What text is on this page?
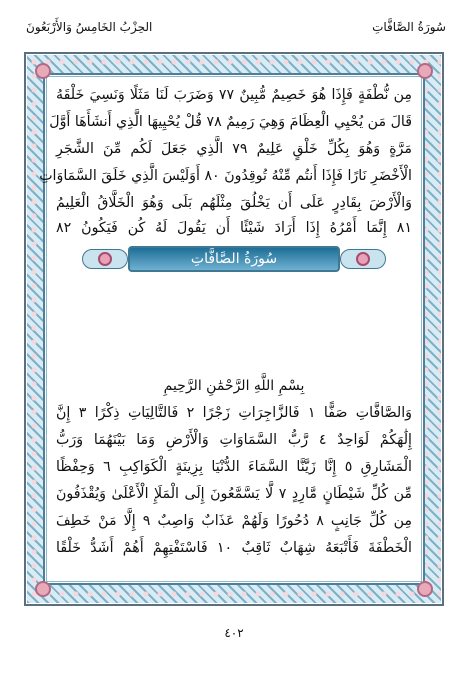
سُورَةُ الصَّافَّاتِ
الحِزْبُ الخَامِسُ وَالأَرْبَعُونَ
مِن نُّطْفَةٍ فَإِذَا هُوَ خَصِيمٌ مُّبِينٌ ٧٧ وَضَرَبَ لَنَا مَثَلًا وَنَسِيَ خَلْقَهُ
قَالَ مَن يُحْيِي الْعِظَامَ وَهِيَ رَمِيمٌ ٧٨ قُلْ يُحْيِيهَا الَّذِي أَنشَأَهَا أَوَّلَ
مَرَّةٍ وَهُوَ بِكُلِّ خَلْقٍ عَلِيمٌ ٧٩ الَّذِي جَعَلَ لَكُم مِّنَ الشَّجَرِ
الْأَخْضَرِ نَارًا فَإِذَا أَنتُم مِّنْهُ تُوقِدُونَ ٨٠ أَوَلَيْسَ الَّذِي خَلَقَ السَّمَاوَاتِ
وَالْأَرْضَ بِقَادِرٍ عَلَى أَن يَخْلُقَ مِثْلَهُم بَلَى وَهُوَ الْخَلَّاقُ الْعَلِيمُ
٨١ إِنَّمَا أَمْرُهُ إِذَا أَرَادَ شَيْئًا أَن يَقُولَ لَهُ كُن فَيَكُونُ ٨٢
سُورَةُ الصَّافَّاتِ
بِسْمِ اللَّهِ الرَّحْمَٰنِ الرَّحِيمِ
وَالصَّافَّاتِ صَفًّا ١ فَالزَّاجِرَاتِ زَجْرًا ٢ فَالتَّالِيَاتِ ذِكْرًا ٣ إِنَّ
إِلَٰهَكُمْ لَوَاحِدٌ ٤ رَّبُّ السَّمَاوَاتِ وَالْأَرْضِ وَمَا بَيْنَهُمَا وَرَبُّ
الْمَشَارِقِ ٥ إِنَّا زَيَّنَّا السَّمَاءَ الدُّنْيَا بِزِينَةٍ الْكَوَاكِبِ ٦ وَحِفْظًا
مِّن كُلِّ شَيْطَانٍ مَّارِدٍ ٧ لَّا يَسَّمَّعُونَ إِلَى الْمَلَإِ الْأَعْلَىٰ وَيُقْذَفُونَ
مِن كُلِّ جَانِبٍ ٨ دُحُورًا وَلَهُمْ عَذَابٌ وَاصِبٌ ٩ إِلَّا مَنْ خَطِفَ
الْخَطْفَةَ فَأَتْبَعَهُ شِهَابٌ ثَاقِبٌ ١٠ فَاسْتَفْتِهِمْ أَهُمْ أَشَدُّ خَلْقًا
٤٠٢
